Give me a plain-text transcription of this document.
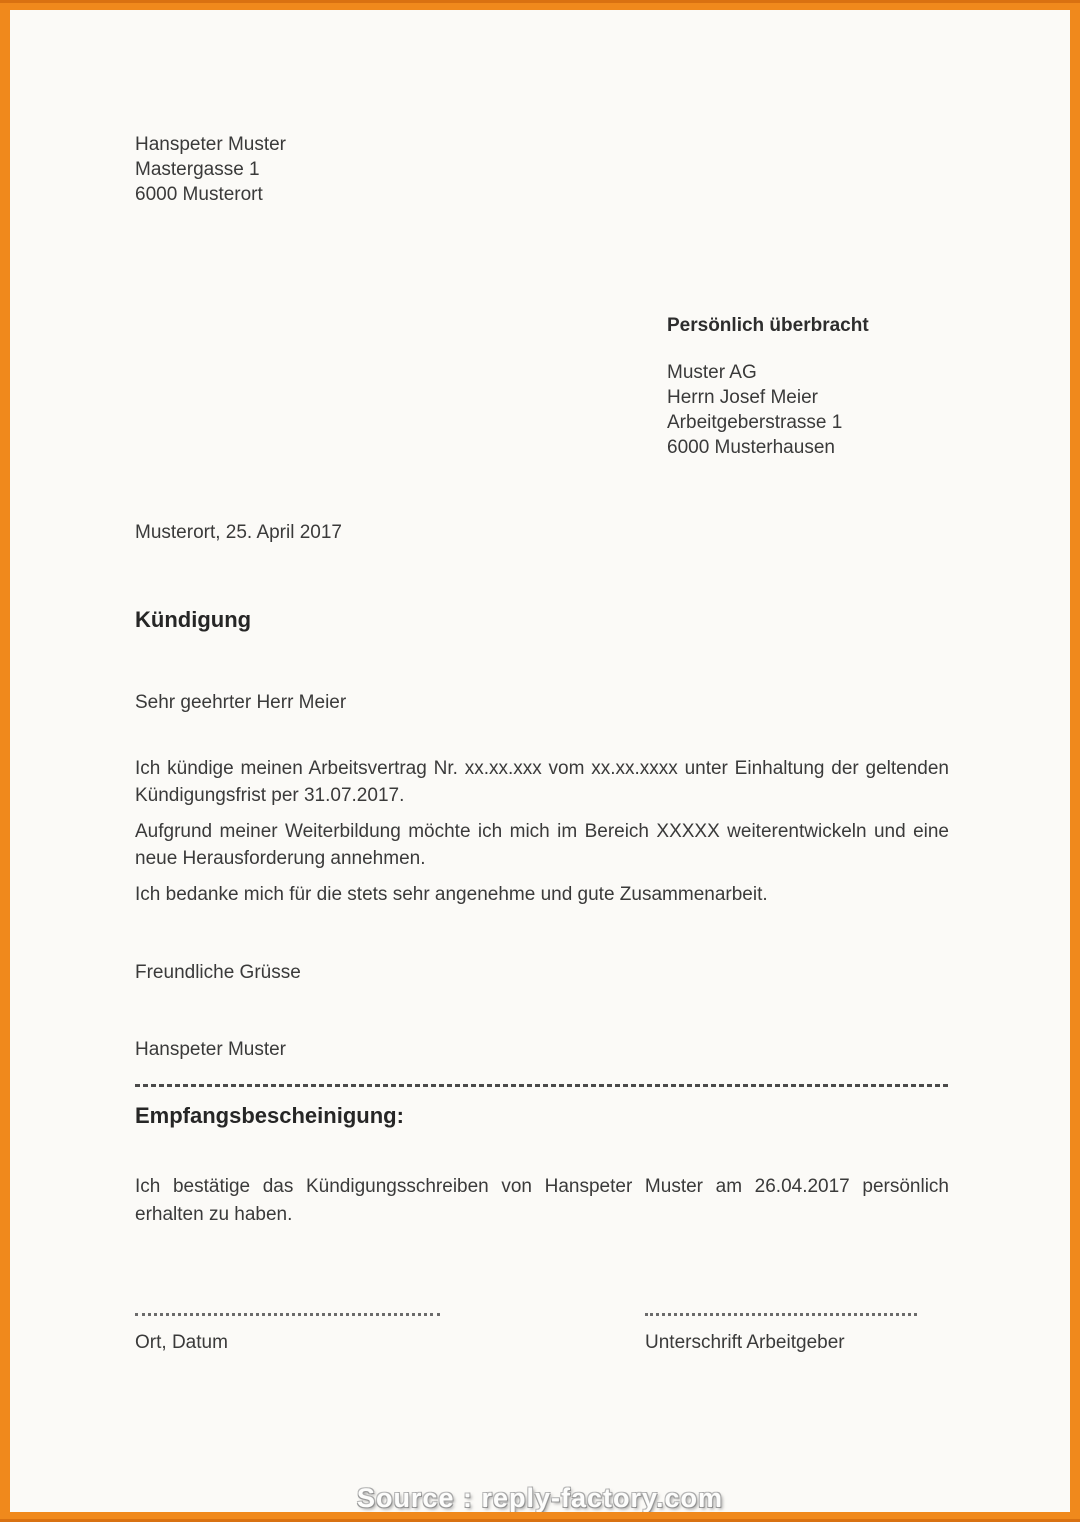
Hanspeter Muster
Mastergasse 1
6000 Musterort

Persönlich überbracht

Muster AG
Herrn Josef Meier
Arbeitgeberstrasse 1
6000 Musterhausen
Musterort, 25. April 2017
Kündigung
Sehr geehrter Herr Meier

Ich kündige meinen Arbeitsvertrag Nr. xx.xx.xxx vom xx.xx.xxxx unter Einhaltung der geltenden Kündigungsfrist per 31.07.2017.

Aufgrund meiner Weiterbildung möchte ich mich im Bereich XXXXX weiterentwickeln und eine neue Herausforderung annehmen.

Ich bedanke mich für die stets sehr angenehme und gute Zusammenarbeit.

Freundliche Grüsse
Hanspeter Muster
Empfangsbescheinigung:
Ich bestätige das Kündigungsschreiben von Hanspeter Muster am 26.04.2017 persönlich erhalten zu haben.
Ort, Datum	Unterschrift Arbeitgeber
Source : reply-factory.com
